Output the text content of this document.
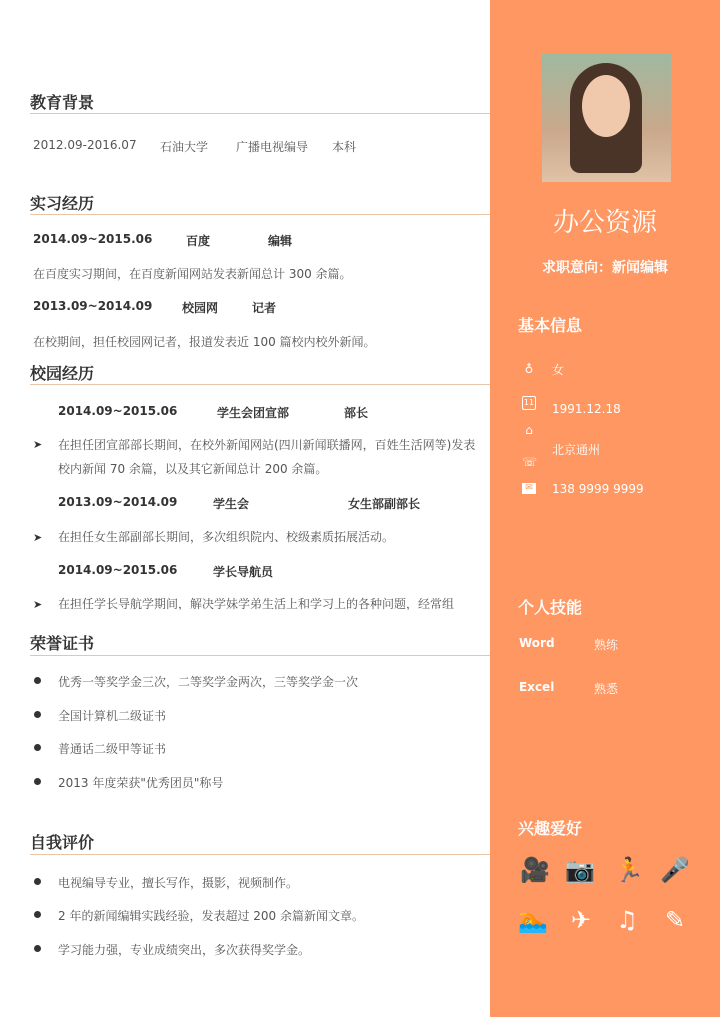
教育背景
2012.09-2016.07 石油大学 广播电视编导 本科
实习经历
2014.09~2015.06	百度	编辑
在百度实习期间，在百度新闻网站发表新闻总计 300 余篇。
2013.09~2014.09 校园网	记者
在校期间，担任校园网记者，报道发表近 100 篇校内校外新闻。
校园经历
2014.09~2015.06	学生会团宣部	部长
➤ 在担任团宣部部长期间，在校外新闻网站(四川新闻联播网，百姓生活网等)发表校内新闻 70 余篇，以及其它新闻总计 200 余篇。
2013.09~2014.09	学生会	女生部副部长
➤ 在担任女生部副部长期间，多次组织院内、校级素质拓展活动。
2014.09~2015.06	学长导航员
➤ 在担任学长导航学期间，解决学妹学弟生活上和学习上的各种问题，经常组
荣誉证书
优秀一等奖学金三次，二等奖学金两次，三等奖学金一次
全国计算机二级证书
普通话二级甲等证书
2013 年度荣获"优秀团员"称号
自我评价
电视编导专业，擅长写作，摄影，视频制作。
2 年的新闻编辑实践经验，发表超过 200 余篇新闻文章。
学习能力强，专业成绩突出，多次获得奖学金。
办公资源
求职意向：新闻编辑
基本信息
♁ 女
11 1991.12.18
⌂
北京通州
☏
✉ 138 9999 9999
个人技能
Word	熟练
Excel	熟悉
兴趣爱好
🎥 📷 🏃 🎤
🏊 ✈ ♫ ✎
